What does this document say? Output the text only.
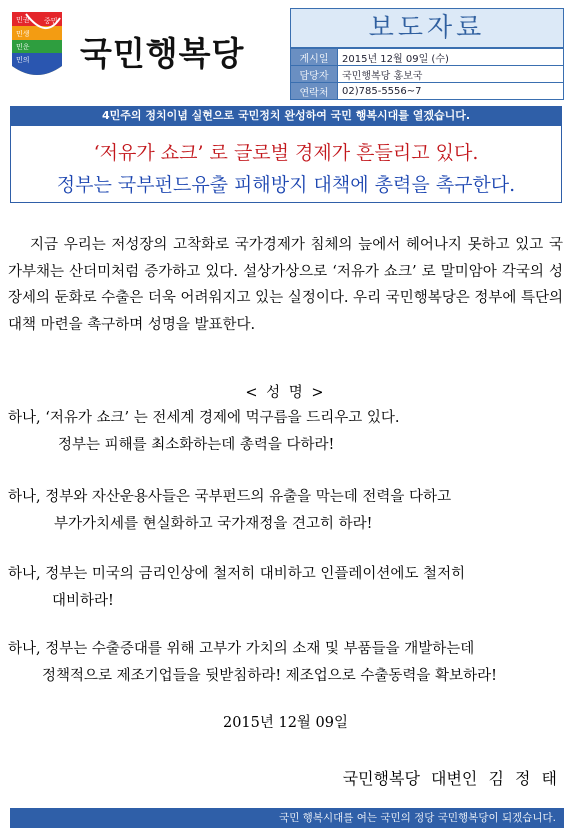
민권
민생
민운
민의
중민
국민행복당
보도자료
게시일	2015년 12월 09일 (수)
담당자	국민행복당 홍보국
연락처	02)785-5556~7
4민주의 정치이념 실현으로 국민정치 완성하여 국민 행복시대를 열겠습니다.
‘저유가 쇼크’ 로 글로벌 경제가 흔들리고 있다.
정부는 국부펀드유출 피해방지 대책에 총력을 촉구한다.
지금 우리는 저성장의 고착화로 국가경제가 침체의 늪에서 헤어나지 못하고 있고 국가부채는 산더미처럼 증가하고 있다. 설상가상으로 ‘저유가 쇼크’ 로 말미암아 각국의 성장세의 둔화로 수출은 더욱 어려워지고 있는 실정이다. 우리 국민행복당은 정부에 특단의 대책 마련을 촉구하며 성명을 발표한다.
< 성 명 >
하나, ‘저유가 쇼크’ 는 전세계 경제에 먹구름을 드리우고 있다.
정부는 피해를 최소화하는데 총력을 다하라!
하나, 정부와 자산운용사들은 국부펀드의 유출을 막는데 전력을 다하고
부가가치세를 현실화하고 국가재정을 견고히 하라!
하나, 정부는 미국의 금리인상에 철저히 대비하고 인플레이션에도 철저히
대비하라!
하나, 정부는 수출증대를 위해 고부가 가치의 소재 및 부품들을 개발하는데
정책적으로 제조기업들을 뒷받침하라! 제조업으로 수출동력을 확보하라!
2015년 12월 09일
국민행복당 대변인 김 정 태
국민 행복시대를 여는 국민의 정당 국민행복당이 되겠습니다.
